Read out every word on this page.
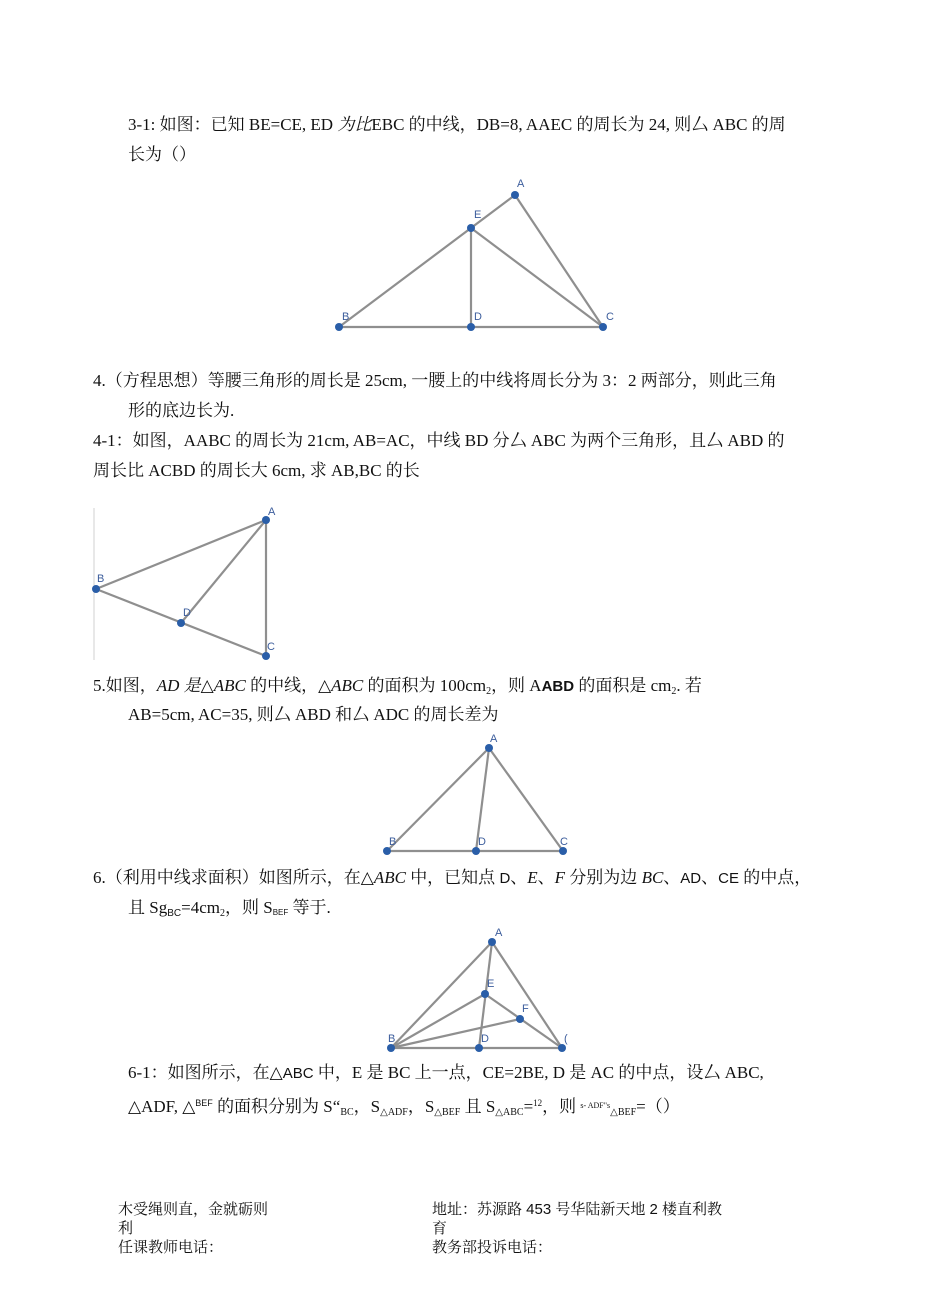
3-1: 如图：已知 BE=CE, ED 为比EBC 的中线，DB=8, AAEC 的周长为 24, 则厶 ABC 的周
长为（）
A
E
B	D	C
4.（方程思想）等腰三角形的周长是 25cm, 一腰上的中线将周长分为 3：2 两部分，则此三角
形的底边长为.
4-1：如图，AABC 的周长为 21cm, AB=AC，中线 BD 分厶 ABC 为两个三角形，且厶 ABD 的
周长比 ACBD 的周长大 6cm, 求 AB,BC 的长
A
B
D
C
5.如图，AD 是△ABC 的中线，△ABC 的面积为 $100cm_2$，则 AABD 的面积是 $cm_2$. 若
AB=5cm, AC=35, 则厶 ABD 和厶 ADC 的周长差为
A
B	D	C
6.（利用中线求面积）如图所示，在△ABC 中，已知点 D、E、F 分别为边 BC、AD、CE 的中点，
且 $Sg_{BC}=4cm_2$，则 SBEF 等于.
A
E
F
B	D	(
6-1：如图所示，在△ABC 中，E 是 BC 上一点，CE=2BE, D 是 AC 的中点，设厶 ABC,
△ADF, △$^{BEF}$ 的面积分别为 $S“_{BC}$，$S_{\triangle ADF}$，$S_{\triangle BEF}$ 且 $S_{\triangle ABC}=^{12}$，则 $^{s- ADF"s}_{\triangle BEF}$=（）
木受绳则直，金就砺则
利
任课教师电话：
地址：苏源路 453 号华陆新天地 2 楼直利教
育
教务部投诉电话：
